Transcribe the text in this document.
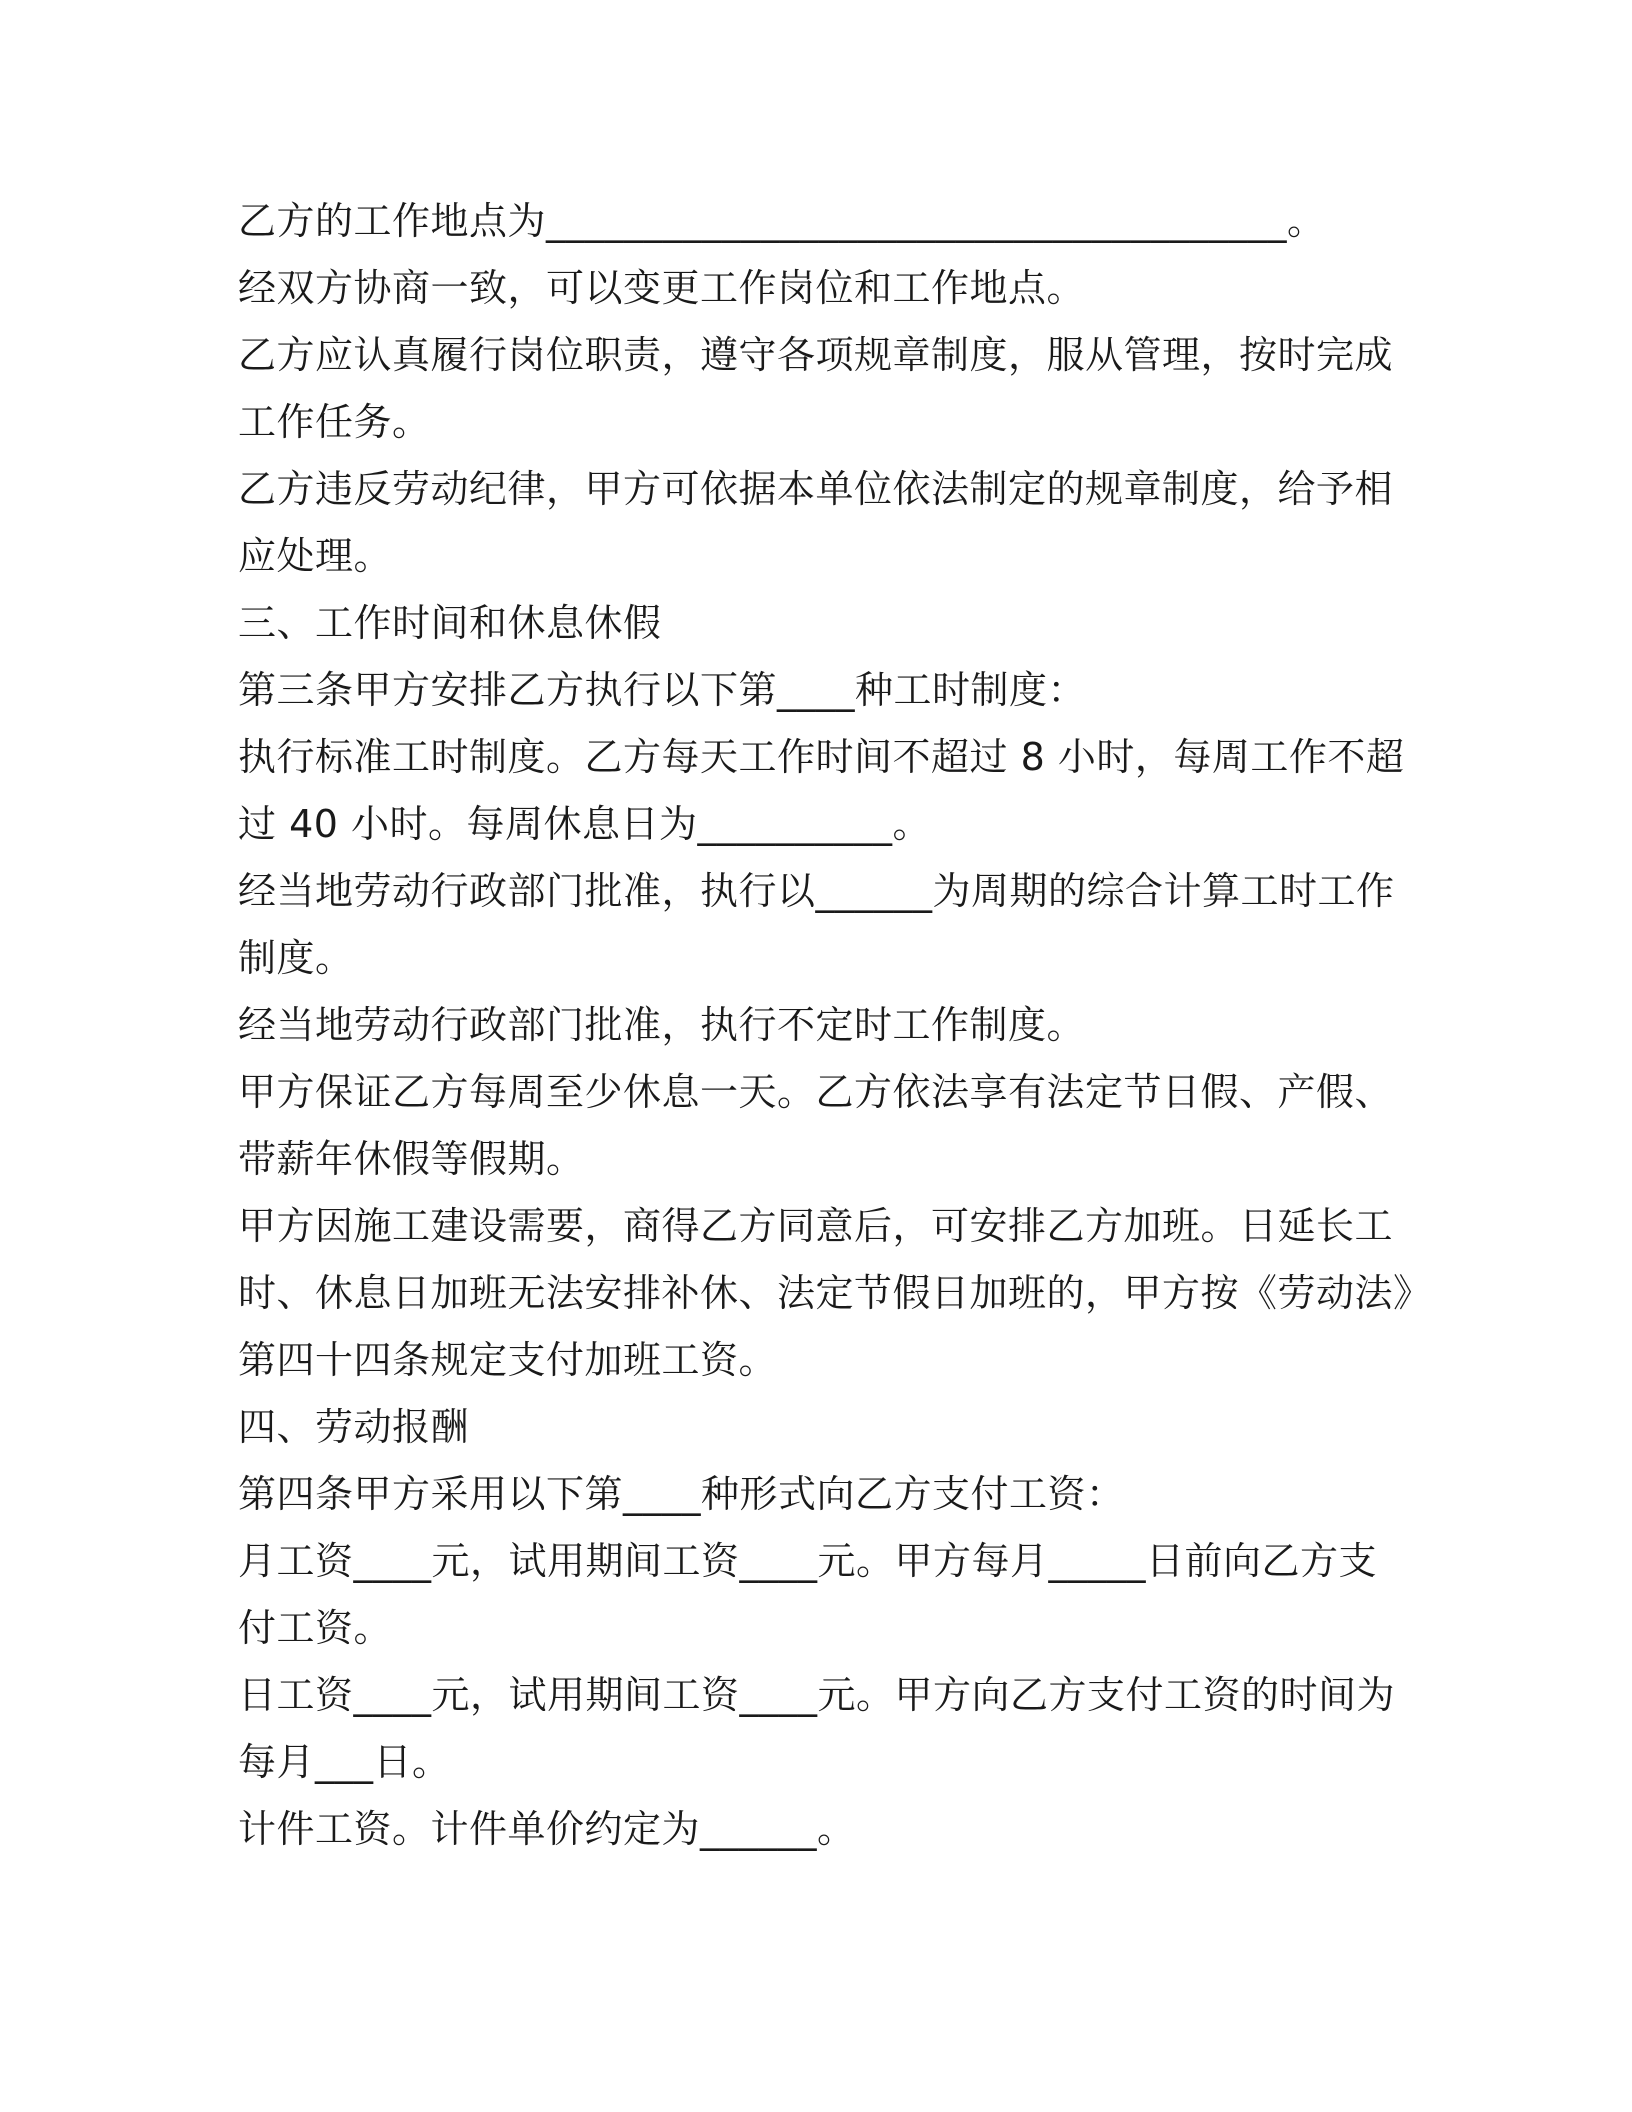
乙方的工作地点为______________________________________。
经双方协商一致，可以变更工作岗位和工作地点。
乙方应认真履行岗位职责，遵守各项规章制度，服从管理，按时完成
工作任务。
乙方违反劳动纪律，甲方可依据本单位依法制定的规章制度，给予相
应处理。
三、工作时间和休息休假
第三条甲方安排乙方执行以下第____种工时制度：
执行标准工时制度。乙方每天工作时间不超过 8 小时，每周工作不超
过 40 小时。每周休息日为__________。
经当地劳动行政部门批准，执行以______为周期的综合计算工时工作
制度。
经当地劳动行政部门批准，执行不定时工作制度。
甲方保证乙方每周至少休息一天。乙方依法享有法定节日假、产假、
带薪年休假等假期。
甲方因施工建设需要，商得乙方同意后，可安排乙方加班。日延长工
时、休息日加班无法安排补休、法定节假日加班的，甲方按《劳动法》
第四十四条规定支付加班工资。
四、劳动报酬
第四条甲方采用以下第____种形式向乙方支付工资：
月工资____元，试用期间工资____元。甲方每月_____日前向乙方支
付工资。
日工资____元，试用期间工资____元。甲方向乙方支付工资的时间为
每月___日。
计件工资。计件单价约定为______。
